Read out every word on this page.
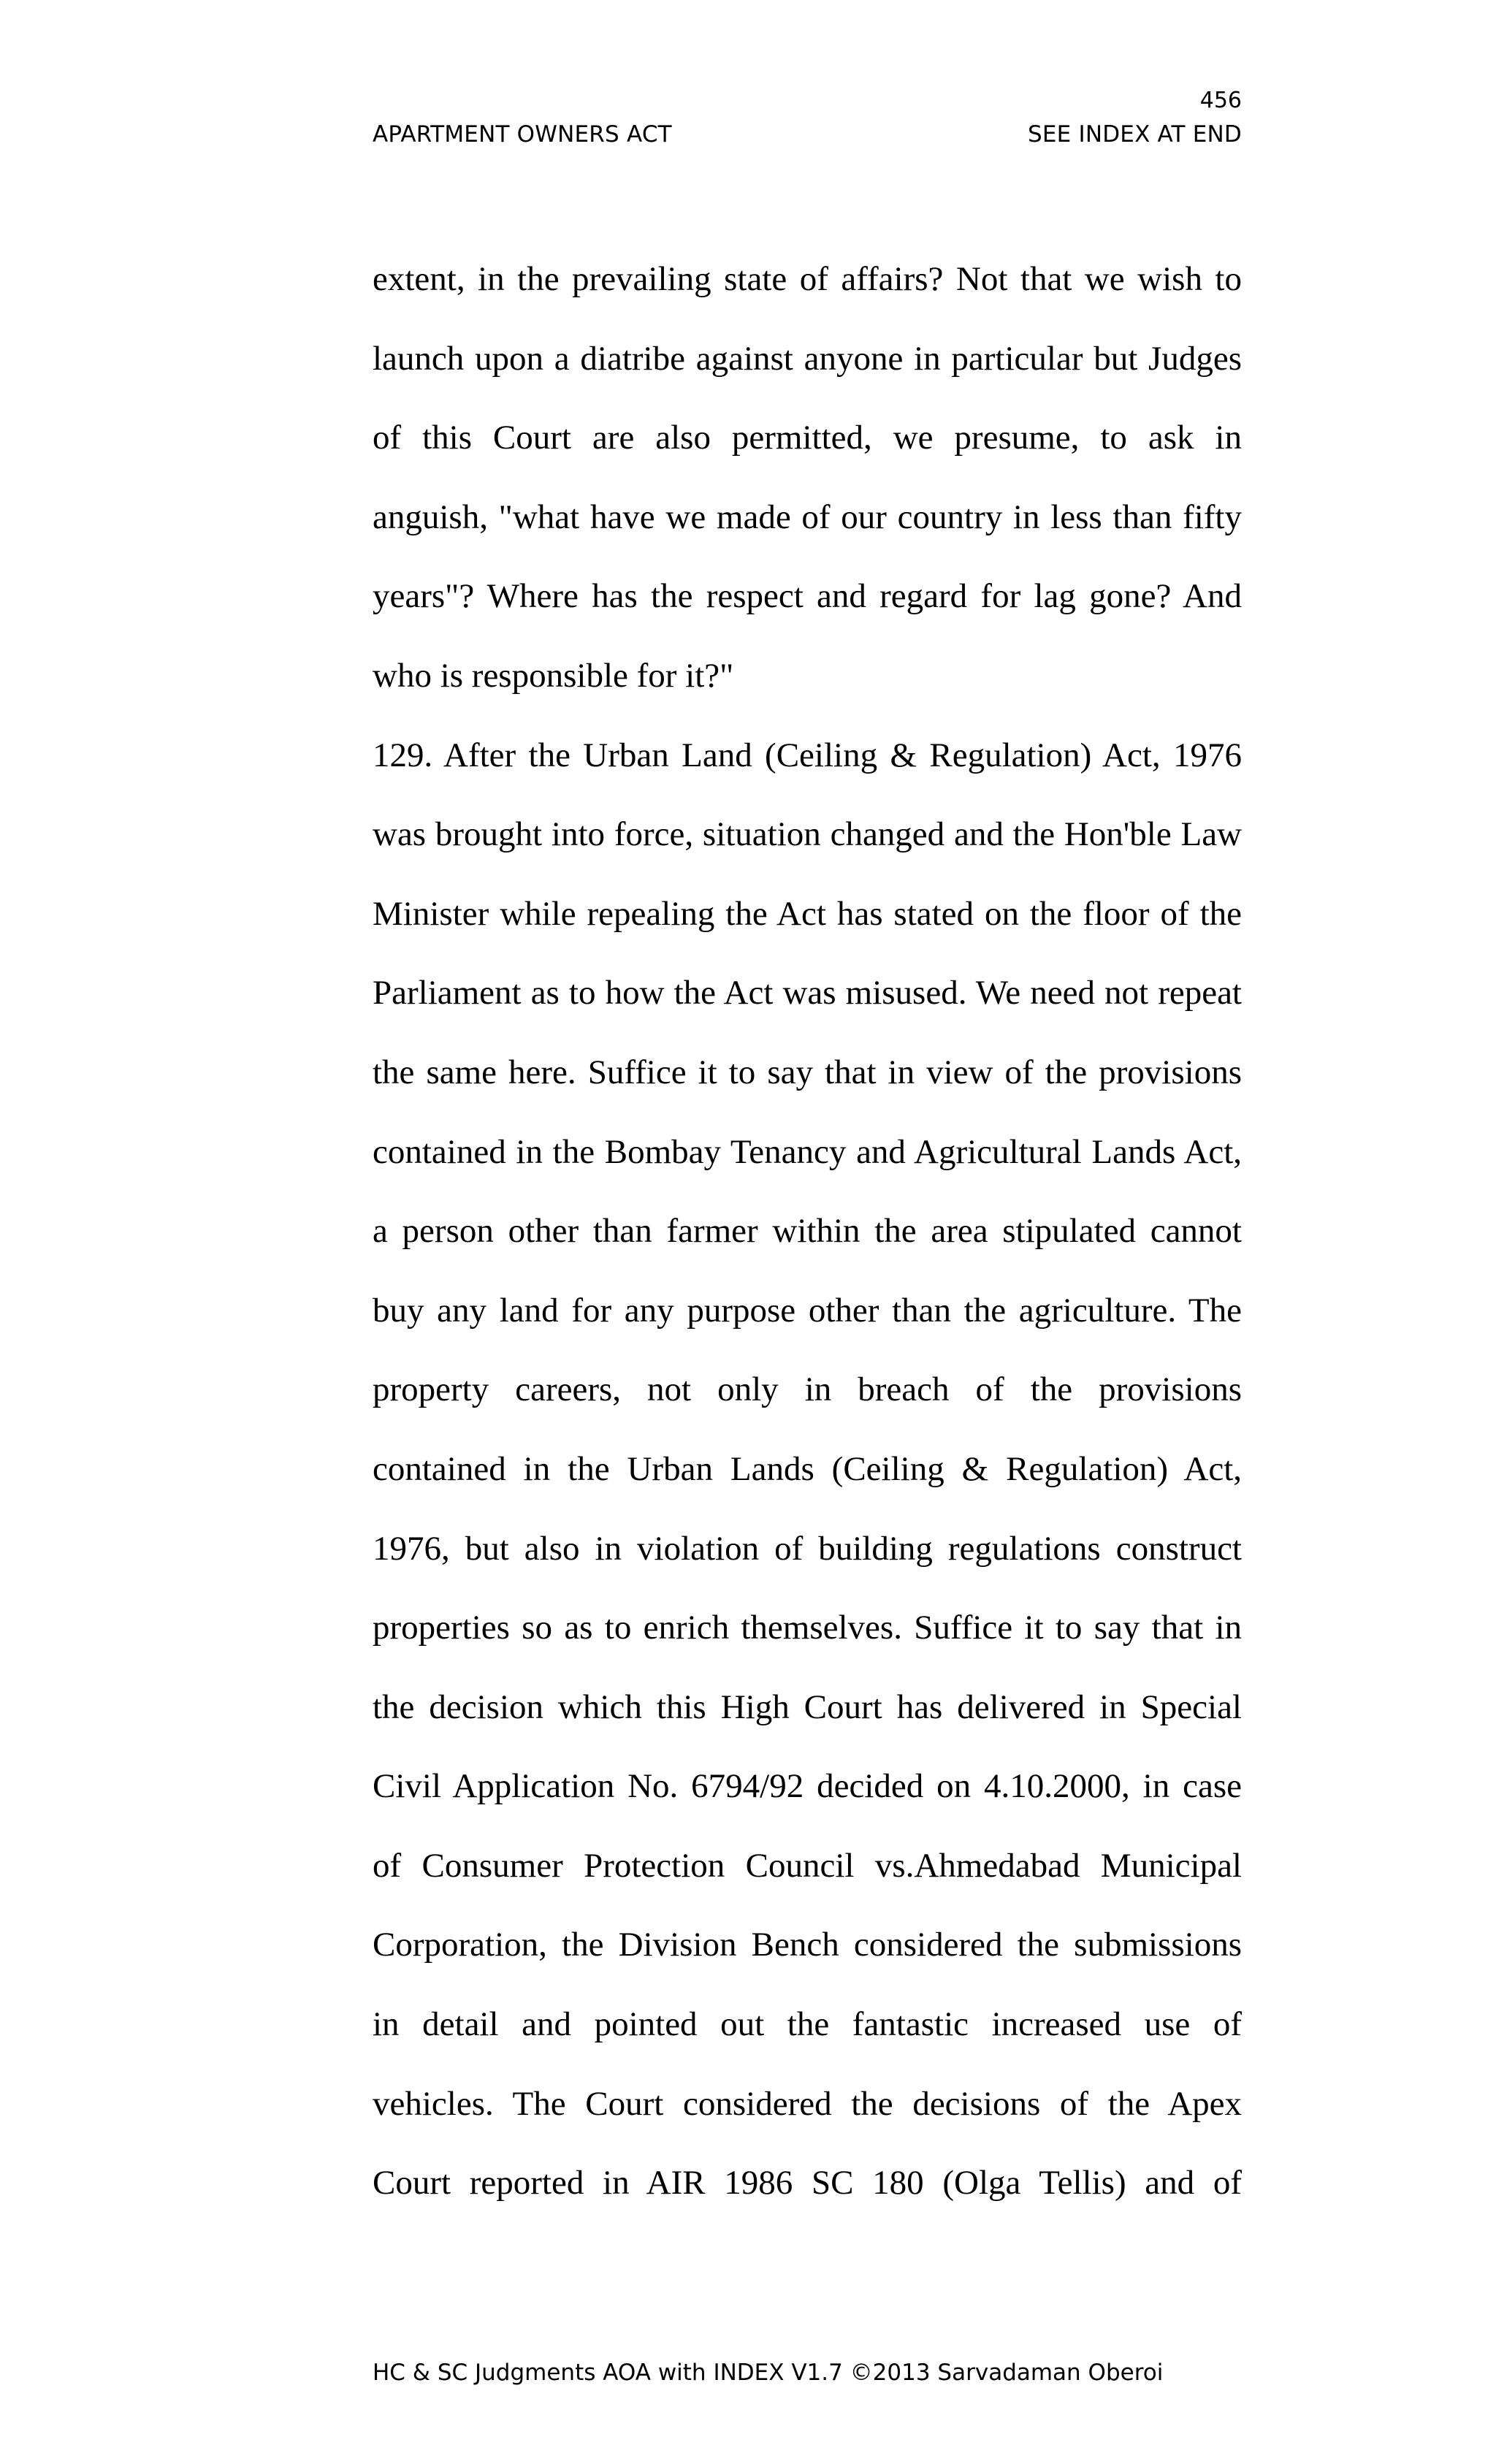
456
APARTMENT OWNERS ACT	SEE INDEX AT END
extent, in the prevailing state of affairs? Not that we wish to
launch upon a diatribe against anyone in particular but Judges
of this Court are also permitted, we presume, to ask in
anguish, "what have we made of our country in less than fifty
years"? Where has the respect and regard for lag gone? And
who is responsible for it?"
129. After the Urban Land (Ceiling & Regulation) Act, 1976
was brought into force, situation changed and the Hon'ble Law
Minister while repealing the Act has stated on the floor of the
Parliament as to how the Act was misused. We need not repeat
the same here. Suffice it to say that in view of the provisions
contained in the Bombay Tenancy and Agricultural Lands Act,
a person other than farmer within the area stipulated cannot
buy any land for any purpose other than the agriculture. The
property careers, not only in breach of the provisions
contained in the Urban Lands (Ceiling & Regulation) Act,
1976, but also in violation of building regulations construct
properties so as to enrich themselves. Suffice it to say that in
the decision which this High Court has delivered in Special
Civil Application No. 6794/92 decided on 4.10.2000, in case
of Consumer Protection Council vs.Ahmedabad Municipal
Corporation, the Division Bench considered the submissions
in detail and pointed out the fantastic increased use of
vehicles. The Court considered the decisions of the Apex
Court reported in AIR 1986 SC 180 (Olga Tellis) and of
HC & SC Judgments AOA with INDEX V1.7 ©2013 Sarvadaman Oberoi
